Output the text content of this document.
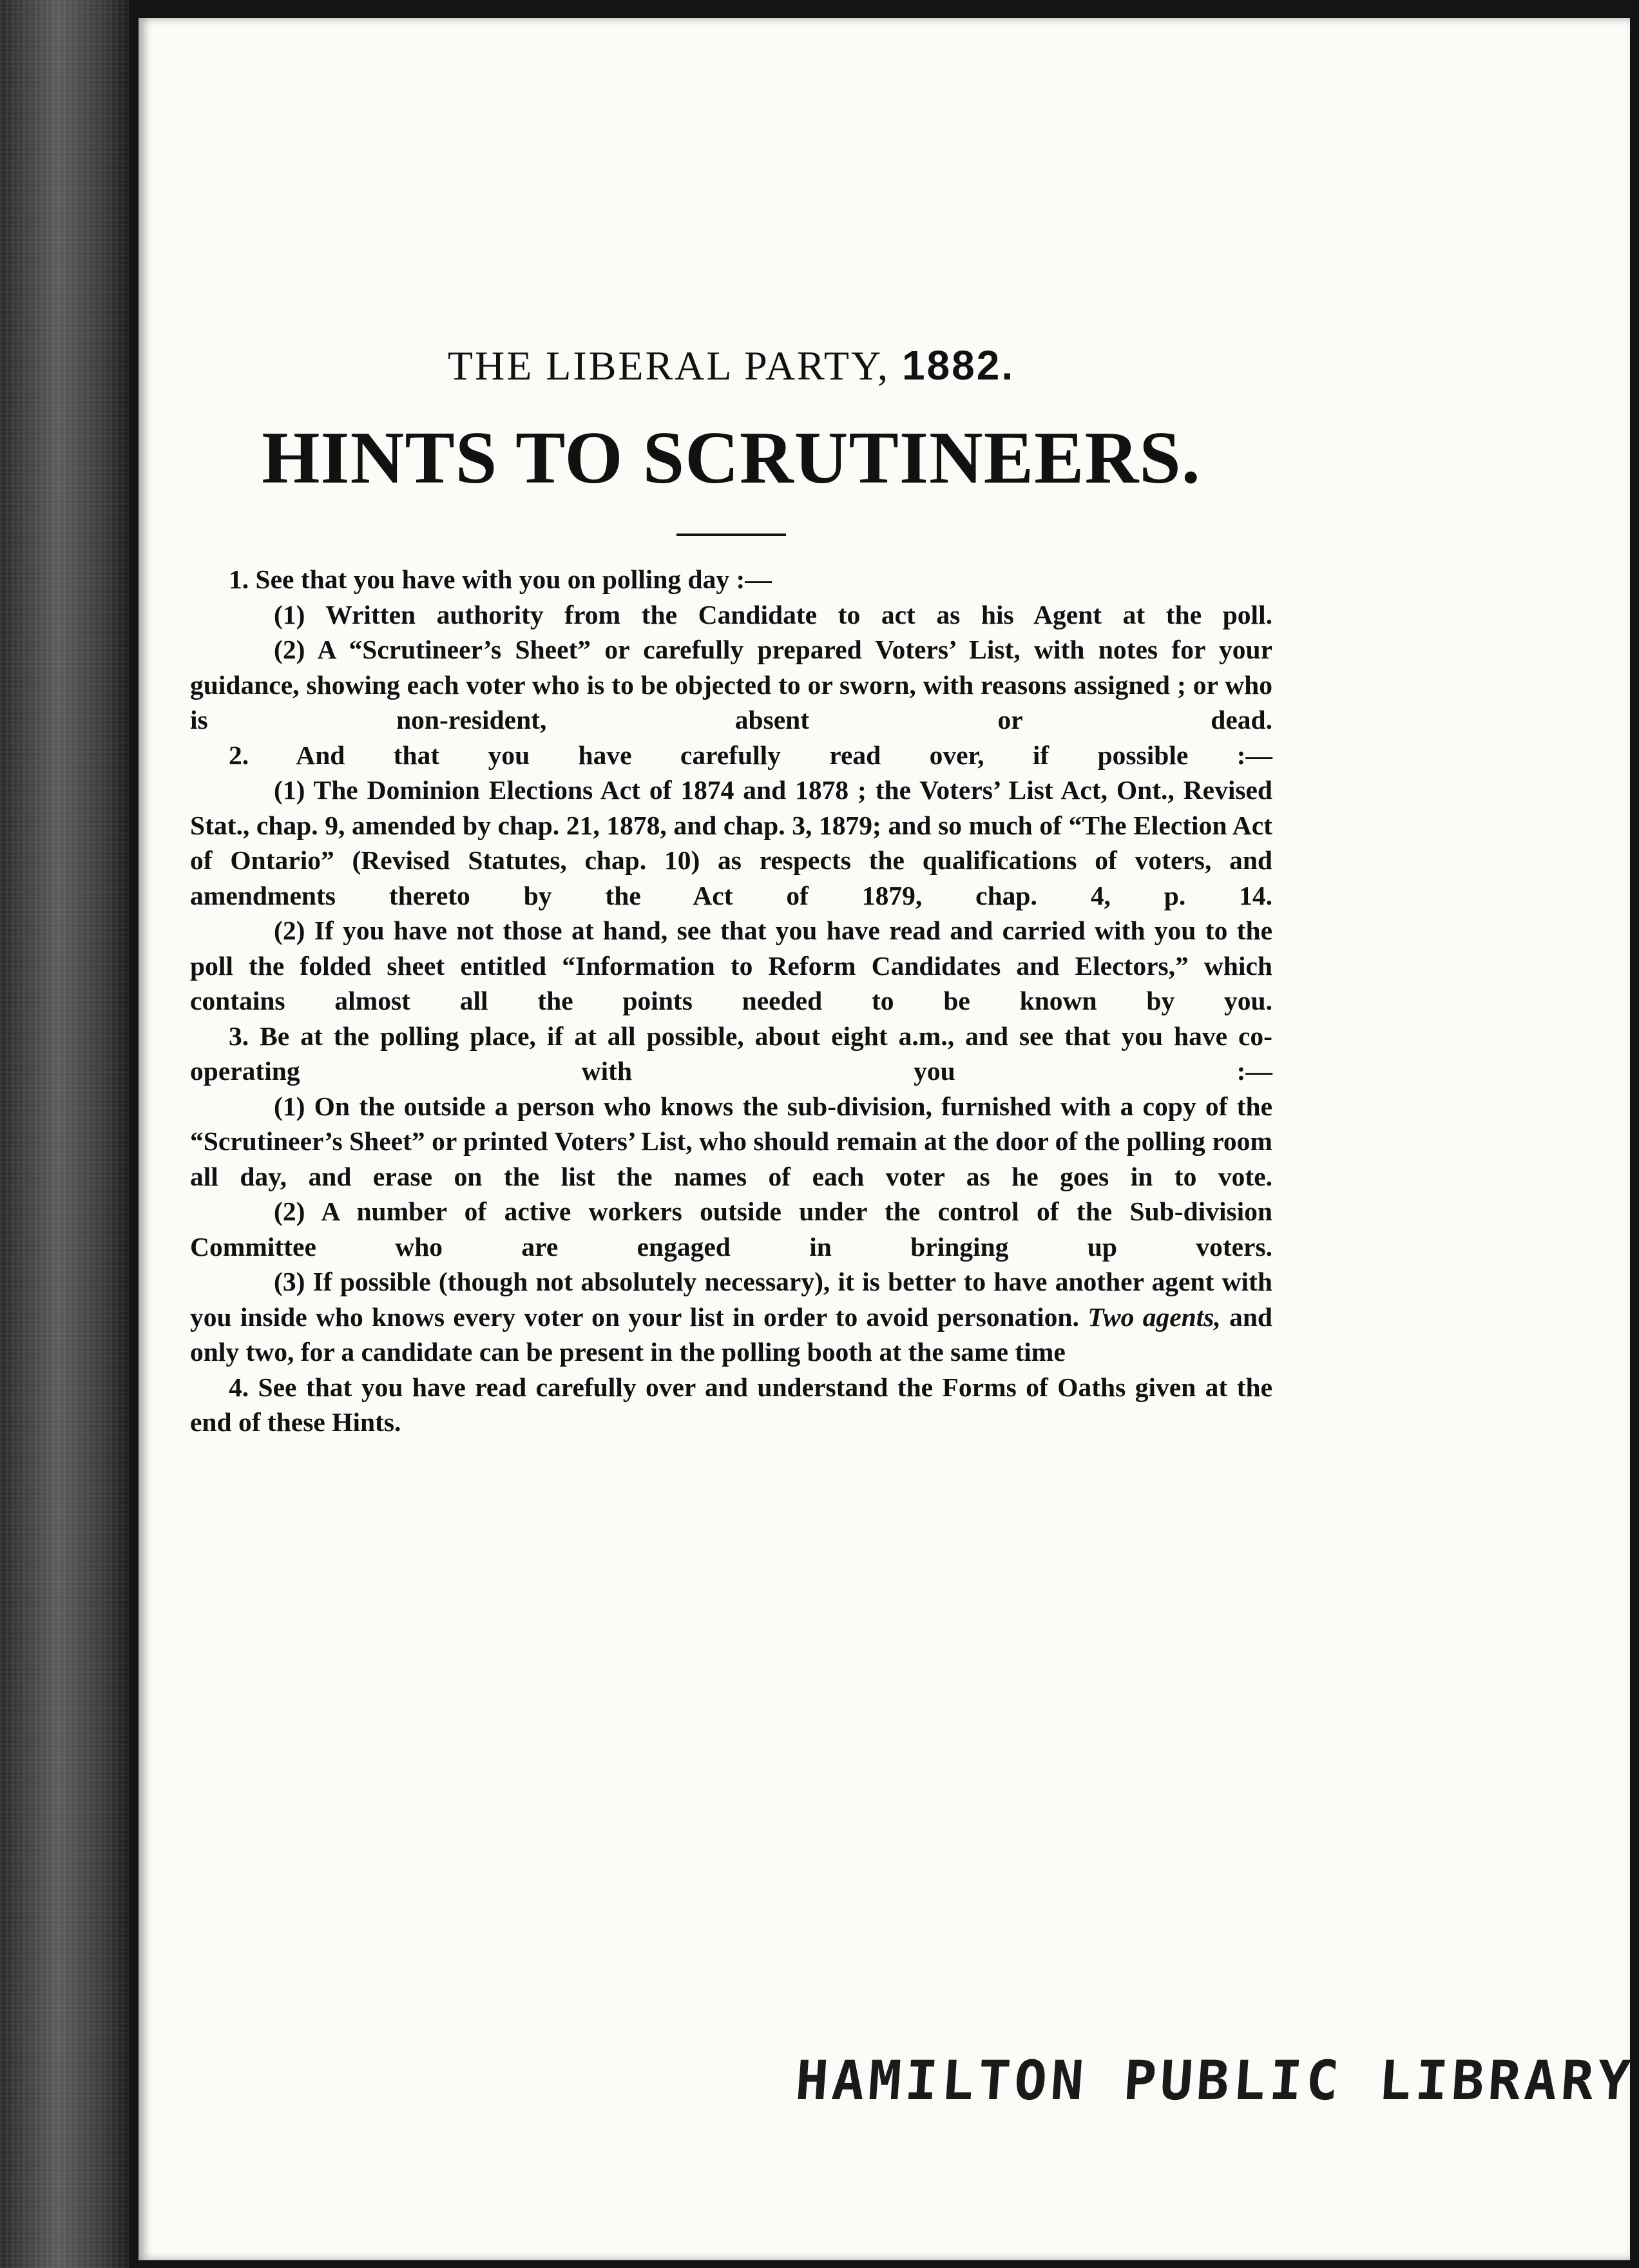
THE LIBERAL PARTY, 1882.
HINTS TO SCRUTINEERS.

1. See that you have with you on polling day :—

(1) Written authority from the Candidate to act as his Agent at the poll.

(2) A “Scrutineer’s Sheet” or carefully prepared Voters’ List, with notes for your guidance, showing each voter who is to be objected to or sworn, with reasons assigned ; or who is non-resident, absent or dead.

2. And that you have carefully read over, if possible :—

(1) The Dominion Elections Act of 1874 and 1878 ; the Voters’ List Act, Ont., Revised Stat., chap. 9, amended by chap. 21, 1878, and chap. 3, 1879; and so much of “The Election Act of Ontario” (Revised Statutes, chap. 10) as respects the qualifications of voters, and amendments thereto by the Act of 1879, chap. 4, p. 14.

(2) If you have not those at hand, see that you have read and carried with you to the poll the folded sheet entitled “Information to Reform Candidates and Electors,” which contains almost all the points needed to be known by you.

3. Be at the polling place, if at all possible, about eight a.m., and see that you have co-operating with you :—

(1) On the outside a person who knows the sub-division, furnished with a copy of the “Scrutineer’s Sheet” or printed Voters’ List, who should remain at the door of the polling room all day, and erase on the list the names of each voter as he goes in to vote.

(2) A number of active workers outside under the control of the Sub-division Committee who are engaged in bringing up voters.

(3) If possible (though not absolutely necessary), it is better to have another agent with you inside who knows every voter on your list in order to avoid personation. Two agents, and only two, for a candidate can be present in the polling booth at the same time

4. See that you have read carefully over and understand the Forms of Oaths given at the end of these Hints.

HAMILTON PUBLIC LIBRARY
